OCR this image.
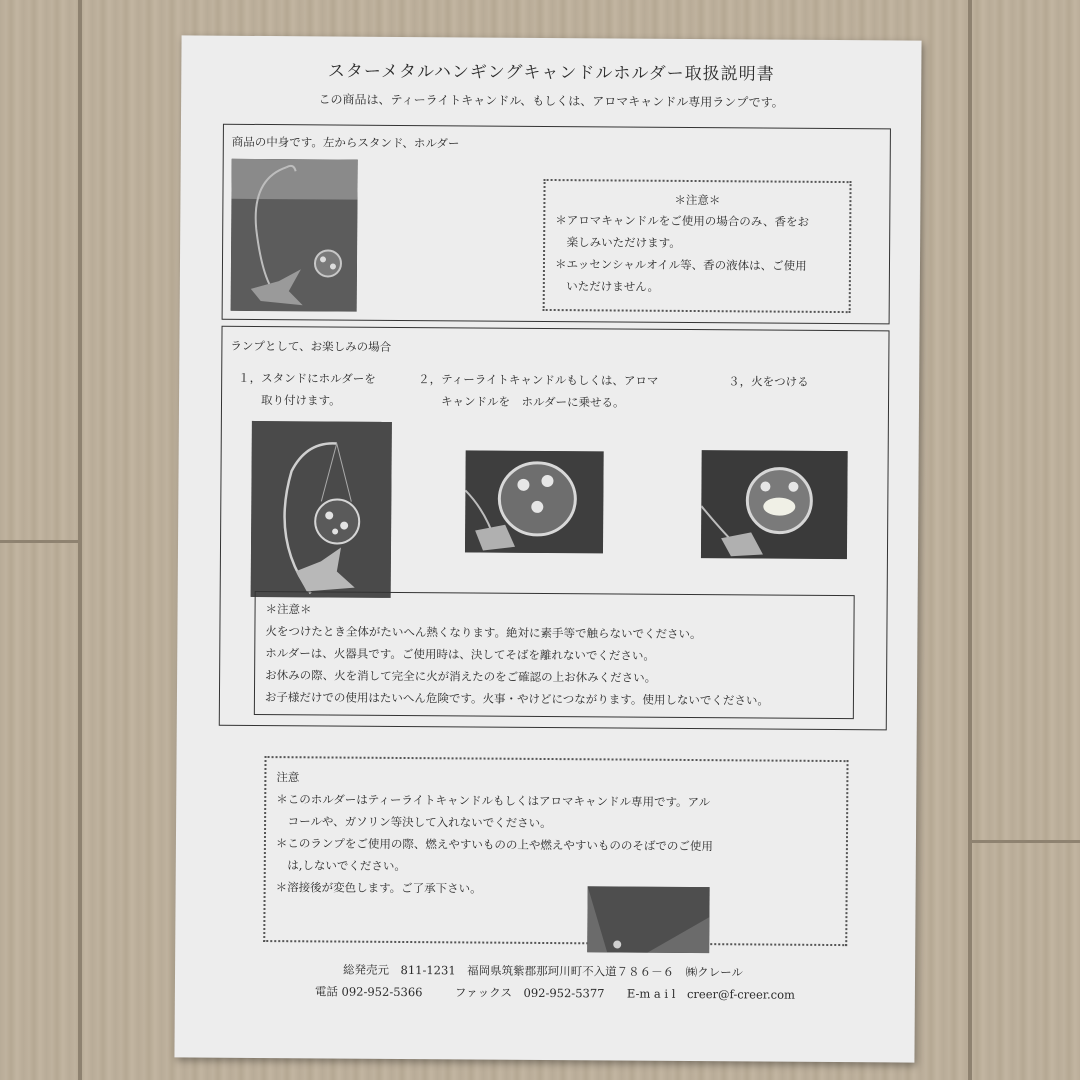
スターメタルハンギングキャンドルホルダー取扱説明書
この商品は、ティーライトキャンドル、もしくは、アロマキャンドル専用ランプです。
商品の中身です。左からスタンド、ホルダー
＊注意＊
＊アロマキャンドルをご使用の場合のみ、香をお
　楽しみいただけます。
＊エッセンシャルオイル等、香の液体は、ご使用
　いただけません。
ランプとして、お楽しみの場合
１，スタンドにホルダーを
　　取り付けます。
２，ティーライトキャンドルもしくは、アロマ
　　キャンドルを　ホルダーに乗せる。
３，火をつける
＊注意＊
火をつけたとき全体がたいへん熱くなります。絶対に素手等で触らないでください。
ホルダーは、火器具です。ご使用時は、決してそばを離れないでください。
お休みの際、火を消して完全に火が消えたのをご確認の上お休みください。
お子様だけでの使用はたいへん危険です。火事・やけどにつながります。使用しないでください。
注意
＊このホルダーはティーライトキャンドルもしくはアロマキャンドル専用です。アル
　コールや、ガソリン等決して入れないでください。
＊このランプをご使用の際、燃えやすいものの上や燃えやすいもののそばでのご使用
　は,しないでください。
＊溶接後が変色します。ご了承下さい。
総発売元　811-1231　福岡県筑紫郡那珂川町不入道７８６－６　㈱クレール
電話 092-952-5366	ファックス　092-952-5377 E-m a i l　creer@f-creer.com
